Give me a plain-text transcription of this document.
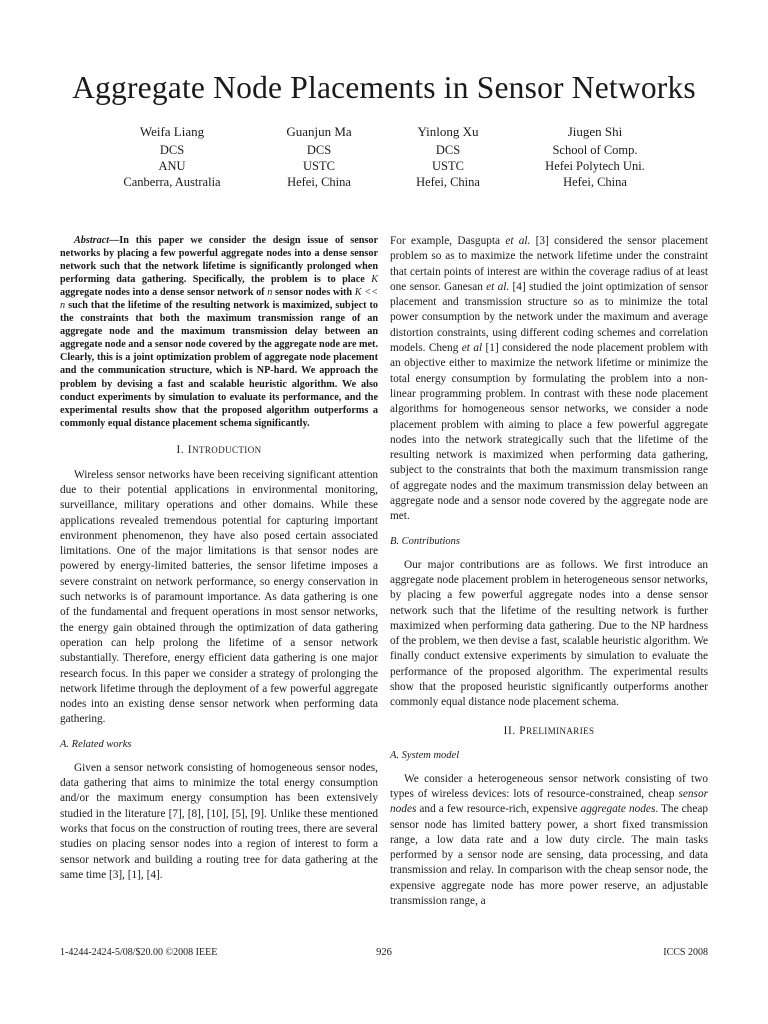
Aggregate Node Placements in Sensor Networks
Weifa Liang
DCS
ANU
Canberra, Australia
Guanjun Ma
DCS
USTC
Hefei, China
Yinlong Xu
DCS
USTC
Hefei, China
Jiugen Shi
School of Comp.
Hefei Polytech Uni.
Hefei, China
Abstract—In this paper we consider the design issue of sensor networks by placing a few powerful aggregate nodes into a dense sensor network such that the network lifetime is significantly prolonged when performing data gathering. Specifically, the problem is to place K aggregate nodes into a dense sensor network of n sensor nodes with K << n such that the lifetime of the resulting network is maximized, subject to the constraints that both the maximum transmission range of an aggregate node and the maximum transmission delay between an aggregate node and a sensor node covered by the aggregate node are met. Clearly, this is a joint optimization problem of aggregate node placement and the communication structure, which is NP-hard. We approach the problem by devising a fast and scalable heuristic algorithm. We also conduct experiments by simulation to evaluate its performance, and the experimental results show that the proposed algorithm outperforms a commonly equal distance placement schema significantly.
I. INTRODUCTION

Wireless sensor networks have been receiving significant attention due to their potential applications in environmental monitoring, surveillance, military operations and other domains. While these applications revealed tremendous potential for capturing important environment phenomenon, they have also posed certain associated limitations. One of the major limitations is that sensor nodes are powered by energy-limited batteries, the sensor lifetime imposes a severe constraint on network performance, so energy conservation in such networks is of paramount importance. As data gathering is one of the fundamental and frequent operations in most sensor networks, the energy gain obtained through the optimization of data gathering operation can help prolong the lifetime of a sensor network substantially. Therefore, energy efficient data gathering is one major research focus. In this paper we consider a strategy of prolonging the network lifetime through the deployment of a few powerful aggregate nodes into an existing dense sensor network when performing data gathering.

A. Related works

Given a sensor network consisting of homogeneous sensor nodes, data gathering that aims to minimize the total energy consumption and/or the maximum energy consumption has been extensively studied in the literature [7], [8], [10], [5], [9]. Unlike these mentioned works that focus on the construction of routing trees, there are several studies on placing sensor nodes into a region of interest to form a sensor network and building a routing tree for data gathering at the same time [3], [1], [4].

For example, Dasgupta et al. [3] considered the sensor placement problem so as to maximize the network lifetime under the constraint that certain points of interest are within the coverage radius of at least one sensor. Ganesan et al. [4] studied the joint optimization of sensor placement and transmission structure so as to minimize the total power consumption by the network under the maximum and average distortion constraints, using different coding schemes and correlation models. Cheng et al [1] considered the node placement problem with an objective either to maximize the network lifetime or minimize the total energy consumption by formulating the problem into a non-linear programming problem. In contrast with these node placement algorithms for homogeneous sensor networks, we consider a node placement problem with aiming to place a few powerful aggregate nodes into the network strategically such that the lifetime of the resulting network is maximized when performing data gathering, subject to the constraints that both the maximum transmission range of aggregate nodes and the maximum transmission delay between an aggregate node and a sensor node covered by the aggregate node are met.

B. Contributions

Our major contributions are as follows. We first introduce an aggregate node placement problem in heterogeneous sensor networks, by placing a few powerful aggregate nodes into a dense sensor network such that the lifetime of the resulting network is further maximized when performing data gathering. Due to the NP hardness of the problem, we then devise a fast, scalable heuristic algorithm. We finally conduct extensive experiments by simulation to evaluate the performance of the proposed algorithm. The experimental results show that the proposed heuristic significantly outperforms another commonly equal distance node placement schema.

II. PRELIMINARIES
A. System model

We consider a heterogeneous sensor network consisting of two types of wireless devices: lots of resource-constrained, cheap sensor nodes and a few resource-rich, expensive aggregate nodes. The cheap sensor node has limited battery power, a short fixed transmission range, a low data rate and a low duty circle. The main tasks performed by a sensor node are sensing, data processing, and data transmission and relay. In comparison with the cheap sensor node, the expensive aggregate node has more power reserve, an adjustable transmission range, a

1-4244-2424-5/08/$20.00 ©2008 IEEE	926	ICCS 2008
